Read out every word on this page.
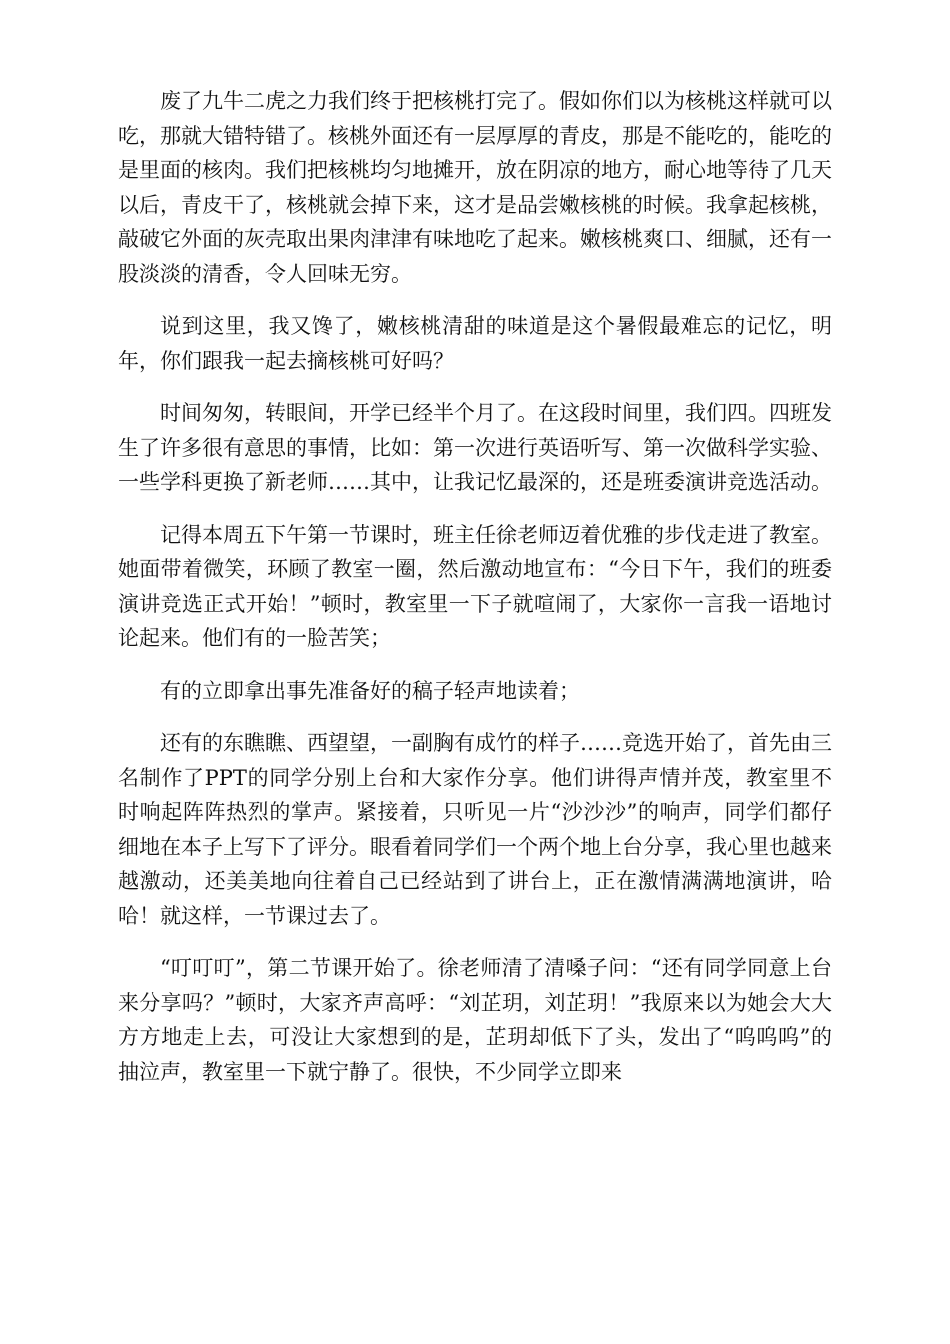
废了九牛二虎之力我们终于把核桃打完了。假如你们以为核桃这样就可以吃，那就大错特错了。核桃外面还有一层厚厚的青皮，那是不能吃的，能吃的是里面的核肉。我们把核桃均匀地摊开，放在阴凉的地方，耐心地等待了几天以后，青皮干了，核桃就会掉下来，这才是品尝嫩核桃的时候。我拿起核桃，敲破它外面的灰壳取出果肉津津有味地吃了起来。嫩核桃爽口、细腻，还有一股淡淡的清香，令人回味无穷。

说到这里，我又馋了，嫩核桃清甜的味道是这个暑假最难忘的记忆，明年，你们跟我一起去摘核桃可好吗？

时间匆匆，转眼间，开学已经半个月了。在这段时间里，我们四。四班发生了许多很有意思的事情，比如：第一次进行英语听写、第一次做科学实验、一些学科更换了新老师……其中，让我记忆最深的，还是班委演讲竞选活动。

记得本周五下午第一节课时，班主任徐老师迈着优雅的步伐走进了教室。她面带着微笑，环顾了教室一圈，然后激动地宣布：“今日下午，我们的班委演讲竞选正式开始！”顿时，教室里一下子就喧闹了，大家你一言我一语地讨论起来。他们有的一脸苦笑；

有的立即拿出事先准备好的稿子轻声地读着；

还有的东瞧瞧、西望望，一副胸有成竹的样子……竞选开始了，首先由三名制作了PPT的同学分别上台和大家作分享。他们讲得声情并茂，教室里不时响起阵阵热烈的掌声。紧接着，只听见一片“沙沙沙”的响声，同学们都仔细地在本子上写下了评分。眼看着同学们一个两个地上台分享，我心里也越来越激动，还美美地向往着自己已经站到了讲台上，正在激情满满地演讲，哈哈！就这样，一节课过去了。

“叮叮叮”，第二节课开始了。徐老师清了清嗓子问：“还有同学同意上台来分享吗？”顿时，大家齐声高呼：“刘芷玥，刘芷玥！”我原来以为她会大大方方地走上去，可没让大家想到的是，芷玥却低下了头，发出了“呜呜呜”的抽泣声，教室里一下就宁静了。很快，不少同学立即来
